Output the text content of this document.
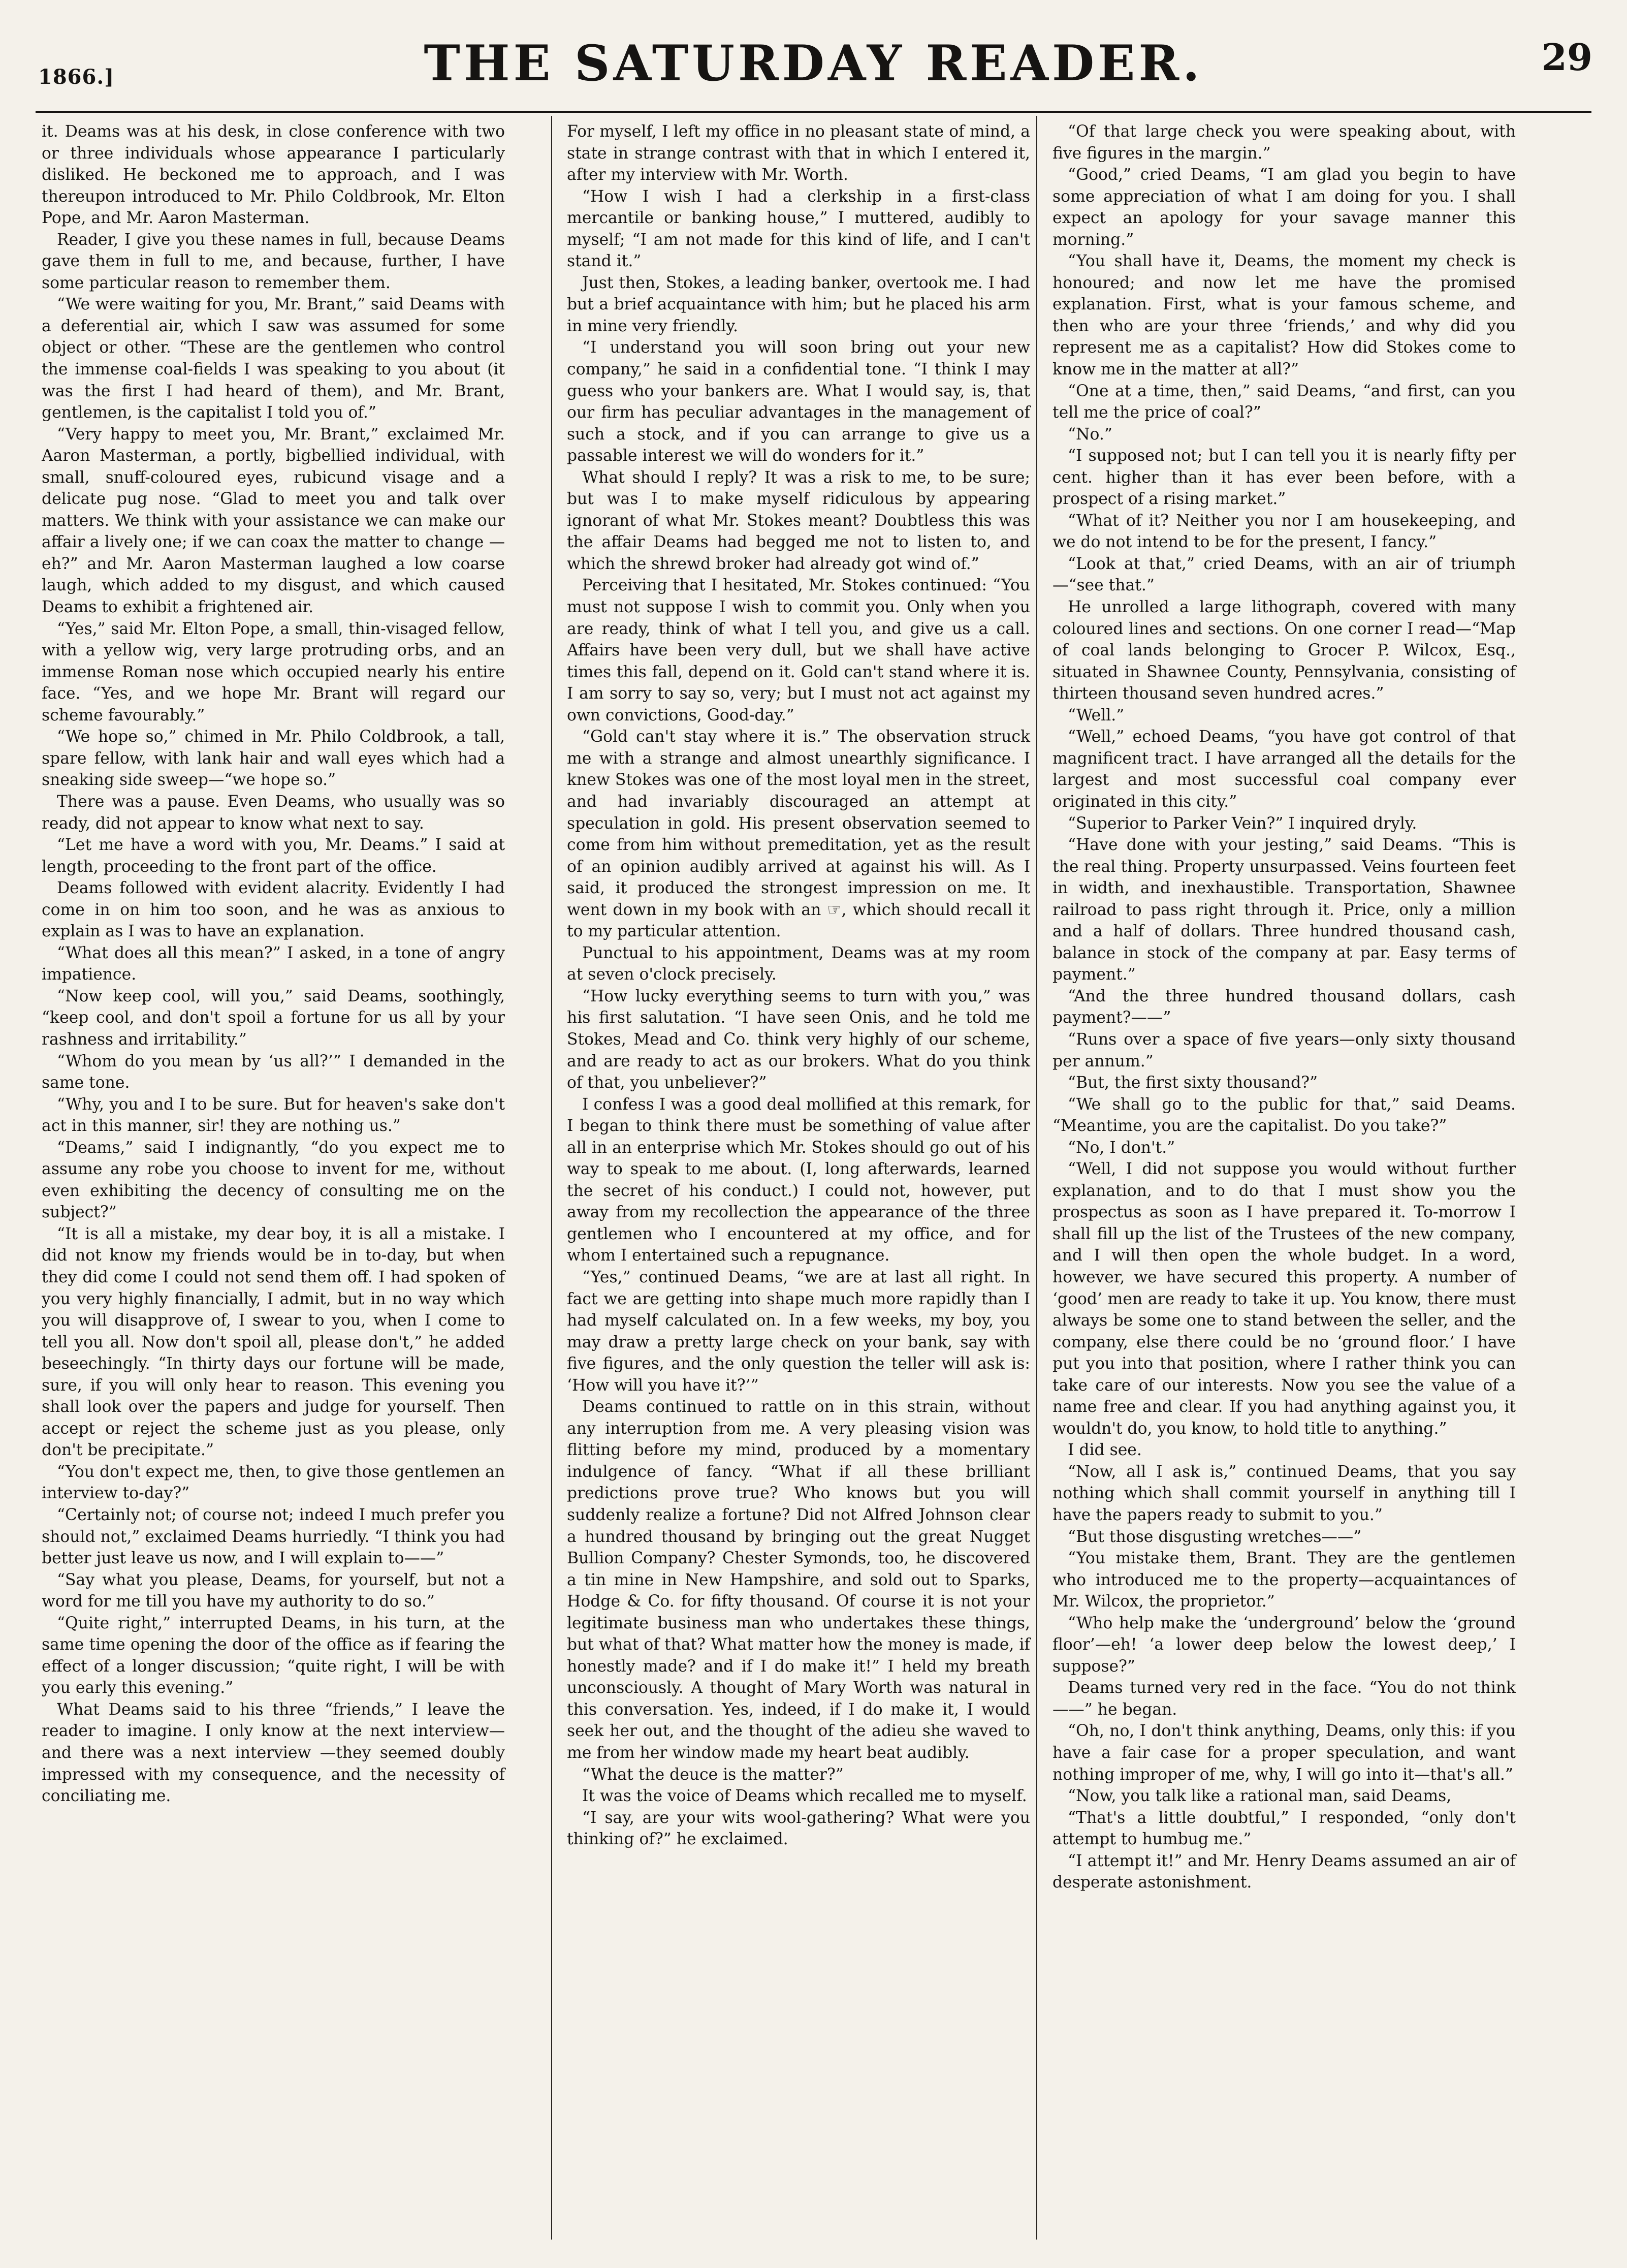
1866.]	THE SATURDAY READER.	29

it. Deams was at his desk, in close conference with two or three individuals whose appearance I particularly disliked. He beckoned me to approach, and I was thereupon introduced to Mr. Philo Coldbrook, Mr. Elton Pope, and Mr. Aaron Masterman.

Reader, I give you these names in full, because Deams gave them in full to me, and because, further, I have some particular reason to remember them.

“We were waiting for you, Mr. Brant,” said Deams with a deferential air, which I saw was assumed for some object or other. “These are the gentlemen who control the immense coal-fields I was speaking to you about (it was the first I had heard of them), and Mr. Brant, gentlemen, is the capitalist I told you of.”

“Very happy to meet you, Mr. Brant,” exclaimed Mr. Aaron Masterman, a portly, bigbellied individual, with small, snuff-coloured eyes, rubicund visage and a delicate pug nose. “Glad to meet you and talk over matters. We think with your assistance we can make our affair a lively one; if we can coax the matter to change —eh?” and Mr. Aaron Masterman laughed a low coarse laugh, which added to my disgust, and which caused Deams to exhibit a frightened air.

“Yes,” said Mr. Elton Pope, a small, thin-visaged fellow, with a yellow wig, very large protruding orbs, and an immense Roman nose which occupied nearly his entire face. “Yes, and we hope Mr. Brant will regard our scheme favourably.”

“We hope so,” chimed in Mr. Philo Coldbrook, a tall, spare fellow, with lank hair and wall eyes which had a sneaking side sweep—“we hope so.”

There was a pause. Even Deams, who usually was so ready, did not appear to know what next to say.

“Let me have a word with you, Mr. Deams.” I said at length, proceeding to the front part of the office.

Deams followed with evident alacrity. Evidently I had come in on him too soon, and he was as anxious to explain as I was to have an explanation.

“What does all this mean?” I asked, in a tone of angry impatience.

“Now keep cool, will you,” said Deams, soothingly, “keep cool, and don't spoil a fortune for us all by your rashness and irritability.”

“Whom do you mean by ‘us all?’” I demanded in the same tone.

“Why, you and I to be sure. But for heaven's sake don't act in this manner, sir! they are nothing us.”

“Deams,” said I indignantly, “do you expect me to assume any robe you choose to invent for me, without even exhibiting the decency of consulting me on the subject?”

“It is all a mistake, my dear boy, it is all a mistake. I did not know my friends would be in to-day, but when they did come I could not send them off. I had spoken of you very highly financially, I admit, but in no way which you will disapprove of, I swear to you, when I come to tell you all. Now don't spoil all, please don't,” he added beseechingly. “In thirty days our fortune will be made, sure, if you will only hear to reason. This evening you shall look over the papers and judge for yourself. Then accept or reject the scheme just as you please, only don't be precipitate.”

“You don't expect me, then, to give those gentlemen an interview to-day?”

“Certainly not; of course not; indeed I much prefer you should not,” exclaimed Deams hurriedly. “I think you had better just leave us now, and I will explain to——”

“Say what you please, Deams, for yourself, but not a word for me till you have my authority to do so.”

“Quite right,” interrupted Deams, in his turn, at the same time opening the door of the office as if fearing the effect of a longer discussion; “quite right, I will be with you early this evening.”

What Deams said to his three “friends,” I leave the reader to imagine. I only know at the next interview—and there was a next interview —they seemed doubly impressed with my consequence, and the necessity of conciliating me.

For myself, I left my office in no pleasant state of mind, a state in strange contrast with that in which I entered it, after my interview with Mr. Worth.

“How I wish I had a clerkship in a first-class mercantile or banking house,” I muttered, audibly to myself; “I am not made for this kind of life, and I can't stand it.”

Just then, Stokes, a leading banker, overtook me. I had but a brief acquaintance with him; but he placed his arm in mine very friendly.

“I understand you will soon bring out your new company,” he said in a confidential tone. “I think I may guess who your bankers are. What I would say, is, that our firm has peculiar advantages in the management of such a stock, and if you can arrange to give us a passable interest we will do wonders for it.”

What should I reply? It was a risk to me, to be sure; but was I to make myself ridiculous by appearing ignorant of what Mr. Stokes meant? Doubtless this was the affair Deams had begged me not to listen to, and which the shrewd broker had already got wind of.”

Perceiving that I hesitated, Mr. Stokes continued: “You must not suppose I wish to commit you. Only when you are ready, think of what I tell you, and give us a call. Affairs have been very dull, but we shall have active times this fall, depend on it. Gold can't stand where it is. I am sorry to say so, very; but I must not act against my own convictions, Good-day.”

“Gold can't stay where it is.” The observation struck me with a strange and almost unearthly significance. I knew Stokes was one of the most loyal men in the street, and had invariably discouraged an attempt at speculation in gold. His present observation seemed to come from him without premeditation, yet as the result of an opinion audibly arrived at against his will. As I said, it produced the strongest impression on me. It went down in my book with an ☞, which should recall it to my particular attention.

Punctual to his appointment, Deams was at my room at seven o'clock precisely.

“How lucky everything seems to turn with you,” was his first salutation. “I have seen Onis, and he told me Stokes, Mead and Co. think very highly of our scheme, and are ready to act as our brokers. What do you think of that, you unbeliever?”

I confess I was a good deal mollified at this remark, for I began to think there must be something of value after all in an enterprise which Mr. Stokes should go out of his way to speak to me about. (I, long afterwards, learned the secret of his conduct.) I could not, however, put away from my recollection the appearance of the three gentlemen who I encountered at my office, and for whom I entertained such a repugnance.

“Yes,” continued Deams, “we are at last all right. In fact we are getting into shape much more rapidly than I had myself calculated on. In a few weeks, my boy, you may draw a pretty large check on your bank, say with five figures, and the only question the teller will ask is: ‘How will you have it?’”

Deams continued to rattle on in this strain, without any interruption from me. A very pleasing vision was flitting before my mind, produced by a momentary indulgence of fancy. “What if all these brilliant predictions prove true? Who knows but you will suddenly realize a fortune? Did not Alfred Johnson clear a hundred thousand by bringing out the great Nugget Bullion Company? Chester Symonds, too, he discovered a tin mine in New Hampshire, and sold out to Sparks, Hodge & Co. for fifty thousand. Of course it is not your legitimate business man who undertakes these things, but what of that? What matter how the money is made, if honestly made? and if I do make it!” I held my breath unconsciously. A thought of Mary Worth was natural in this conversation. Yes, indeed, if I do make it, I would seek her out, and the thought of the adieu she waved to me from her window made my heart beat audibly.

“What the deuce is the matter?”

It was the voice of Deams which recalled me to myself.

“I say, are your wits wool-gathering? What were you thinking of?” he exclaimed.

“Of that large check you were speaking about, with five figures in the margin.”

“Good,” cried Deams, “I am glad you begin to have some appreciation of what I am doing for you. I shall expect an apology for your savage manner this morning.”

“You shall have it, Deams, the moment my check is honoured; and now let me have the promised explanation. First, what is your famous scheme, and then who are your three ‘friends,’ and why did you represent me as a capitalist? How did Stokes come to know me in the matter at all?”

“One at a time, then,” said Deams, “and first, can you tell me the price of coal?”

“No.”

“I supposed not; but I can tell you it is nearly fifty per cent. higher than it has ever been before, with a prospect of a rising market.”

“What of it? Neither you nor I am housekeeping, and we do not intend to be for the present, I fancy.”

“Look at that,” cried Deams, with an air of triumph—“see that.”

He unrolled a large lithograph, covered with many coloured lines and sections. On one corner I read—“Map of coal lands belonging to Grocer P. Wilcox, Esq., situated in Shawnee County, Pennsylvania, consisting of thirteen thousand seven hundred acres.”

“Well.”

“Well,” echoed Deams, “you have got control of that magnificent tract. I have arranged all the details for the largest and most successful coal company ever originated in this city.”

“Superior to Parker Vein?” I inquired dryly.

“Have done with your jesting,” said Deams. “This is the real thing. Property unsurpassed. Veins fourteen feet in width, and inexhaustible. Transportation, Shawnee railroad to pass right through it. Price, only a million and a half of dollars. Three hundred thousand cash, balance in stock of the company at par. Easy terms of payment.”

“And the three hundred thousand dollars, cash payment?——”

“Runs over a space of five years—only sixty thousand per annum.”

“But, the first sixty thousand?”

“We shall go to the public for that,” said Deams. “Meantime, you are the capitalist. Do you take?”

“No, I don't.”

“Well, I did not suppose you would without further explanation, and to do that I must show you the prospectus as soon as I have prepared it. To-morrow I shall fill up the list of the Trustees of the new company, and I will then open the whole budget. In a word, however, we have secured this property. A number of ‘good’ men are ready to take it up. You know, there must always be some one to stand between the seller, and the company, else there could be no ‘ground floor.’ I have put you into that position, where I rather think you can take care of our interests. Now you see the value of a name free and clear. If you had anything against you, it wouldn't do, you know, to hold title to anything.”

I did see.

“Now, all I ask is,” continued Deams, that you say nothing which shall commit yourself in anything till I have the papers ready to submit to you.”

“But those disgusting wretches——”

“You mistake them, Brant. They are the gentlemen who introduced me to the property—acquaintances of Mr. Wilcox, the proprietor.”

“Who help make the ‘underground’ below the ‘ground floor’—eh! ‘a lower deep below the lowest deep,’ I suppose?”

Deams turned very red in the face. “You do not think——” he began.

“Oh, no, I don't think anything, Deams, only this: if you have a fair case for a proper speculation, and want nothing improper of me, why, I will go into it—that's all.”

“Now, you talk like a rational man, said Deams,

“That's a little doubtful,” I responded, “only don't attempt to humbug me.”

“I attempt it!” and Mr. Henry Deams assumed an air of desperate astonishment.
